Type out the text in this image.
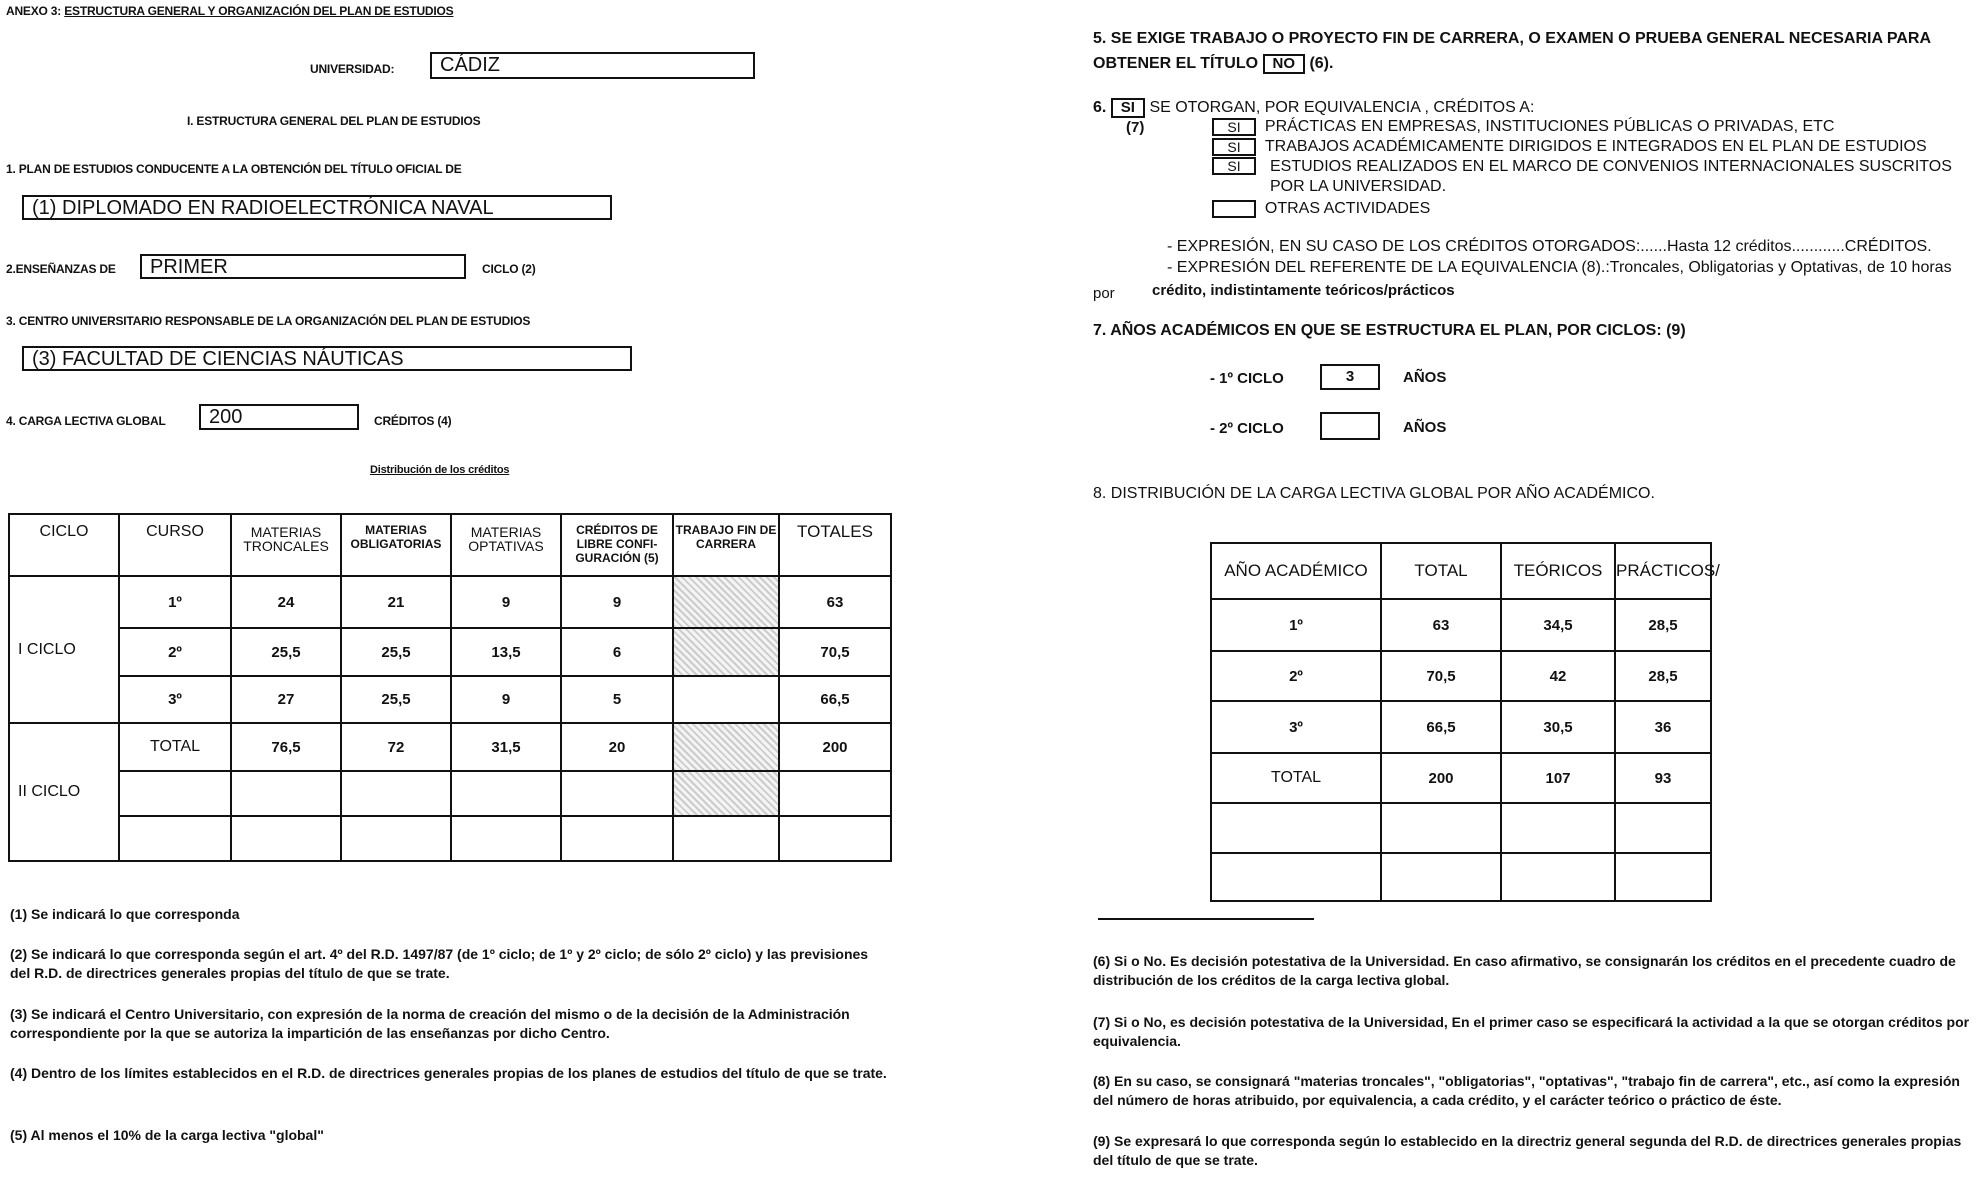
ANEXO 3: ESTRUCTURA GENERAL Y ORGANIZACIÓN DEL PLAN DE ESTUDIOS
UNIVERSIDAD:	CÁDIZ
I. ESTRUCTURA GENERAL DEL PLAN DE ESTUDIOS
1. PLAN DE ESTUDIOS CONDUCENTE A LA OBTENCIÓN DEL TÍTULO OFICIAL DE
(1) DIPLOMADO EN RADIOELECTRÓNICA NAVAL
2.ENSEÑANZAS DE	PRIMER	CICLO (2)
3. CENTRO UNIVERSITARIO RESPONSABLE DE LA ORGANIZACIÓN DEL PLAN DE ESTUDIOS
(3) FACULTAD DE CIENCIAS NÁUTICAS
4. CARGA LECTIVA GLOBAL	200	CRÉDITOS (4)
Distribución de los créditos
CICLO	CURSO	MATERIAS TRONCALES	MATERIAS OBLIGATORIAS	MATERIAS OPTATIVAS	CRÉDITOS DE LIBRE CONFI- GURACIÓN (5)	TRABAJO FIN DE CARRERA	TOTALES
I CICLO	1º	24	21	9	9		63
	2º	25,5	25,5	13,5	6		70,5
	3º	27	25,5	9	5		66,5
II CICLO	TOTAL	76,5	72	31,5	20		200

(1) Se indicará lo que corresponda
(2) Se indicará lo que corresponda según el art. 4º del R.D. 1497/87 (de 1º ciclo; de 1º y 2º ciclo; de sólo 2º ciclo) y las previsiones del R.D. de directrices generales propias del título de que se trate.
(3) Se indicará el Centro Universitario, con expresión de la norma de creación del mismo o de la decisión de la Administración correspondiente por la que se autoriza la impartición de las enseñanzas por dicho Centro.
(4) Dentro de los límites establecidos en el R.D. de directrices generales propias de los planes de estudios del título de que se trate.
(5) Al menos el 10% de la carga lectiva "global"
5. SE EXIGE TRABAJO O PROYECTO FIN DE CARRERA, O EXAMEN O PRUEBA GENERAL NECESARIA PARA
OBTENER EL TÍTULO NO (6).
6. SI SE OTORGAN, POR EQUIVALENCIA , CRÉDITOS A:
(7)	SI PRÁCTICAS EN EMPRESAS, INSTITUCIONES PÚBLICAS O PRIVADAS, ETC
SI TRABAJOS ACADÉMICAMENTE DIRIGIDOS E INTEGRADOS EN EL PLAN DE ESTUDIOS
SI	ESTUDIOS REALIZADOS EN EL MARCO DE CONVENIOS INTERNACIONALES SUSCRITOS POR LA UNIVERSIDAD.
OTRAS ACTIVIDADES
- EXPRESIÓN, EN SU CASO DE LOS CRÉDITOS OTORGADOS:......Hasta 12 créditos............CRÉDITOS.
- EXPRESIÓN DEL REFERENTE DE LA EQUIVALENCIA (8).:Troncales, Obligatorias y Optativas, de 10 horas
por crédito, indistintamente teóricos/prácticos
7. AÑOS ACADÉMICOS EN QUE SE ESTRUCTURA EL PLAN, POR CICLOS: (9)
- 1º CICLO	3	AÑOS
- 2º CICLO	AÑOS
8. DISTRIBUCIÓN DE LA CARGA LECTIVA GLOBAL POR AÑO ACADÉMICO.
AÑO ACADÉMICO	TOTAL	TEÓRICOS	PRÁCTICOS/
1º	63	34,5	28,5
2º	70,5	42	28,5
3º	66,5	30,5	36
TOTAL	200	107	93

(6) Si o No. Es decisión potestativa de la Universidad. En caso afirmativo, se consignarán los créditos en el precedente cuadro de distribución de los créditos de la carga lectiva global.
(7) Si o No, es decisión potestativa de la Universidad, En el primer caso se especificará la actividad a la que se otorgan créditos por equivalencia.
(8) En su caso, se consignará "materias troncales", "obligatorias", "optativas", "trabajo fin de carrera", etc., así como la expresión del número de horas atribuido, por equivalencia, a cada crédito, y el carácter teórico o práctico de éste.
(9) Se expresará lo que corresponda según lo establecido en la directriz general segunda del R.D. de directrices generales propias del título de que se trate.
